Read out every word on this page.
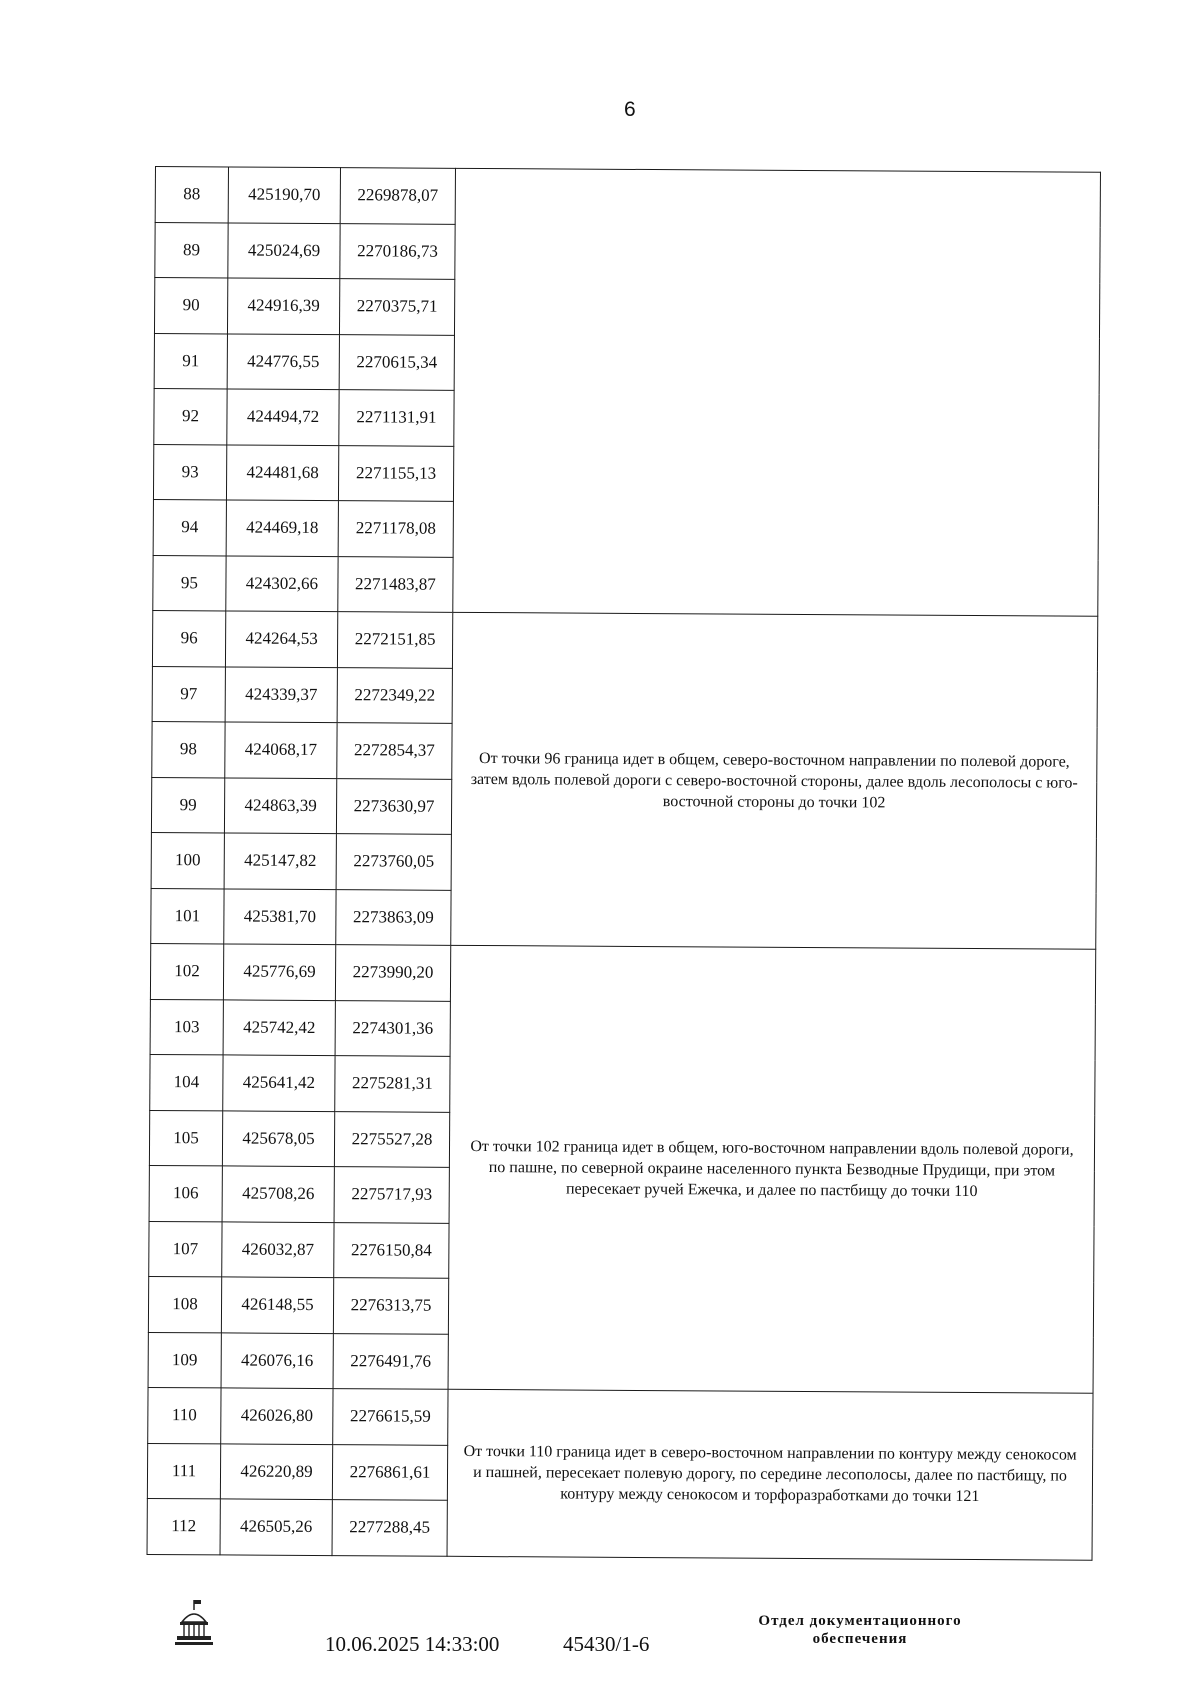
6
88	425190,70	2269878,07	
89	425024,69	2270186,73	
90	424916,39	2270375,71	
91	424776,55	2270615,34	
92	424494,72	2271131,91	
93	424481,68	2271155,13	
94	424469,18	2271178,08	
95	424302,66	2271483,87	
96	424264,53	2272151,85	От точки 96 граница идет в общем, северо-восточном направлении по полевой дороге, затем вдоль полевой дороги с северо-восточной стороны, далее вдоль лесополосы с юго-восточной стороны до точки 102
97	424339,37	2272349,22	
98	424068,17	2272854,37	
99	424863,39	2273630,97	
100	425147,82	2273760,05	
101	425381,70	2273863,09	
102	425776,69	2273990,20	От точки 102 граница идет в общем, юго-восточном направлении вдоль полевой дороги, по пашне, по северной окраине населенного пункта Безводные Прудищи, при этом пересекает ручей Ежечка, и далее по пастбищу до точки 110
103	425742,42	2274301,36	
104	425641,42	2275281,31	
105	425678,05	2275527,28	
106	425708,26	2275717,93	
107	426032,87	2276150,84	
108	426148,55	2276313,75	
109	426076,16	2276491,76	
110	426026,80	2276615,59	От точки 110 граница идет в северо-восточном направлении по контуру между сенокосом и пашней, пересекает полевую дорогу, по середине лесополосы, далее по пастбищу, по контуру между сенокосом и торфоразработками до точки 121
111	426220,89	2276861,61	
112	426505,26	2277288,45	
10.06.2025 14:33:00	45430/1-6
Отдел документационного
обеспечения
